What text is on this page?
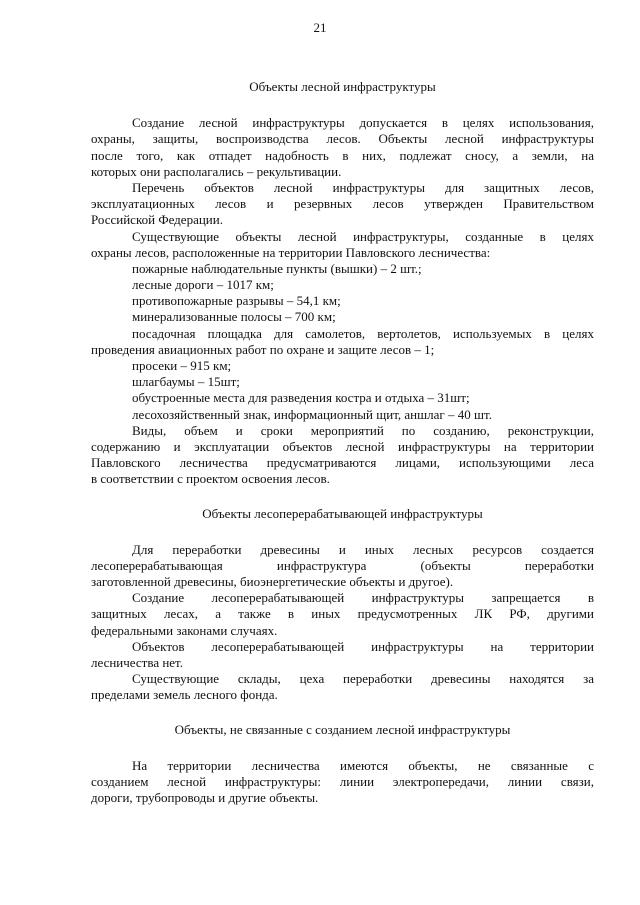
21
Объекты лесной инфраструктуры
Создание лесной инфраструктуры допускается в целях использования,
охраны, защиты, воспроизводства лесов. Объекты лесной инфраструктуры
после того, как отпадет надобность в них, подлежат сносу, а земли, на
которых они располагались – рекультивации.
Перечень объектов лесной инфраструктуры для защитных лесов,
эксплуатационных лесов и резервных лесов утвержден Правительством
Российской Федерации.
Существующие объекты лесной инфраструктуры, созданные в целях
охраны лесов, расположенные на территории Павловского лесничества:
пожарные наблюдательные пункты (вышки) – 2 шт.;
лесные дороги – 1017 км;
противопожарные разрывы – 54,1 км;
минерализованные полосы – 700 км;
посадочная площадка для самолетов, вертолетов, используемых в целях
проведения авиационных работ по охране и защите лесов – 1;
просеки – 915 км;
шлагбаумы – 15шт;
обустроенные места для разведения костра и отдыха – 31шт;
лесохозяйственный знак, информационный щит, аншлаг – 40 шт.
Виды, объем и сроки мероприятий по созданию, реконструкции,
содержанию и эксплуатации объектов лесной инфраструктуры на территории
Павловского лесничества предусматриваются лицами, использующими леса
в соответствии с проектом освоения лесов.
Объекты лесоперерабатывающей инфраструктуры
Для переработки древесины и иных лесных ресурсов создается
лесоперерабатывающая инфраструктура (объекты переработки
заготовленной древесины, биоэнергетические объекты и другое).
Создание лесоперерабатывающей инфраструктуры запрещается в
защитных лесах, а также в иных предусмотренных ЛК РФ, другими
федеральными законами случаях.
Объектов лесоперерабатывающей инфраструктуры на территории
лесничества нет.
Существующие склады, цеха переработки древесины находятся за
пределами земель лесного фонда.
Объекты, не связанные с созданием лесной инфраструктуры
На территории лесничества имеются объекты, не связанные с
созданием лесной инфраструктуры: линии электропередачи, линии связи,
дороги, трубопроводы и другие объекты.
